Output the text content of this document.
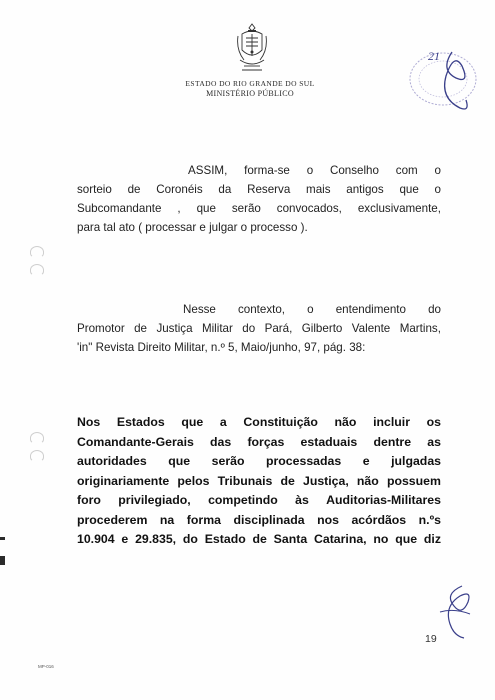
ESTADO DO RIO GRANDE DO SUL
MINISTÉRIO PÚBLICO
21
ASSIM, forma-se o Conselho com o
sorteio de Coronéis da Reserva mais antigos que o
Subcomandante , que serão convocados, exclusivamente,
para tal ato ( processar e julgar o processo ).
Nesse contexto, o entendimento do
Promotor de Justiça Militar do Pará, Gilberto Valente Martins,
'in" Revista Direito Militar, n.º 5, Maio/junho, 97, pág. 38:
Nos Estados que a Constituição não incluir os
Comandante-Gerais das forças estaduais dentre as
autoridades que serão processadas e julgadas
originariamente pelos Tribunais de Justiça, não possuem
foro privilegiado, competindo às Auditorias-Militares
procederem na forma disciplinada nos acórdãos n.ºs
10.904 e 29.835, do Estado de Santa Catarina, no que diz
19
MP-016
